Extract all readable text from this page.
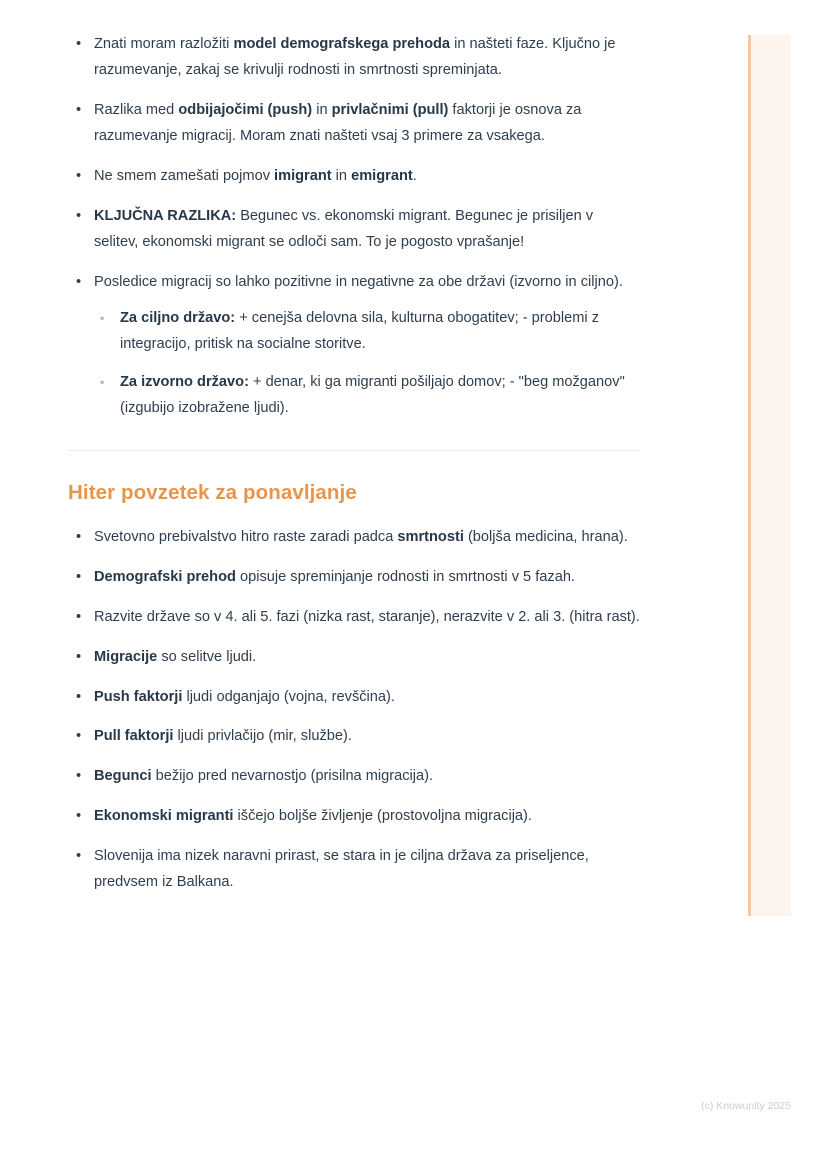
• Znati moram razložiti model demografskega prehoda in našteti faze. Ključno je razumevanje, zakaj se krivulji rodnosti in smrtnosti spreminjata.
• Razlika med odbijajočimi (push) in privlačnimi (pull) faktorji je osnova za razumevanje migracij. Moram znati našteti vsaj 3 primere za vsakega.
• Ne smem zamešati pojmov imigrant in emigrant.
• KLJUČNA RAZLIKA: Begunec vs. ekonomski migrant. Begunec je prisiljen v selitev, ekonomski migrant se odloči sam. To je pogosto vprašanje!
• Posledice migracij so lahko pozitivne in negativne za obe državi (izvorno in ciljno).
◦ Za ciljno državo: + cenejša delovna sila, kulturna obogatitev; - problemi z integracijo, pritisk na socialne storitve.
◦ Za izvorno državo: + denar, ki ga migranti pošiljajo domov; - "beg možganov" (izgubijo izobražene ljudi).
Hiter povzetek za ponavljanje
• Svetovno prebivalstvo hitro raste zaradi padca smrtnosti (boljša medicina, hrana).
• Demografski prehod opisuje spreminjanje rodnosti in smrtnosti v 5 fazah.
• Razvite države so v 4. ali 5. fazi (nizka rast, staranje), nerazvite v 2. ali 3. (hitra rast).
• Migracije so selitve ljudi.
• Push faktorji ljudi odganjajo (vojna, revščina).
• Pull faktorji ljudi privlačijo (mir, službe).
• Begunci bežijo pred nevarnostjo (prisilna migracija).
• Ekonomski migranti iščejo boljše življenje (prostovoljna migracija).
• Slovenija ima nizek naravni prirast, se stara in je ciljna država za priseljence, predvsem iz Balkana.
(c) Knowunity 2025
